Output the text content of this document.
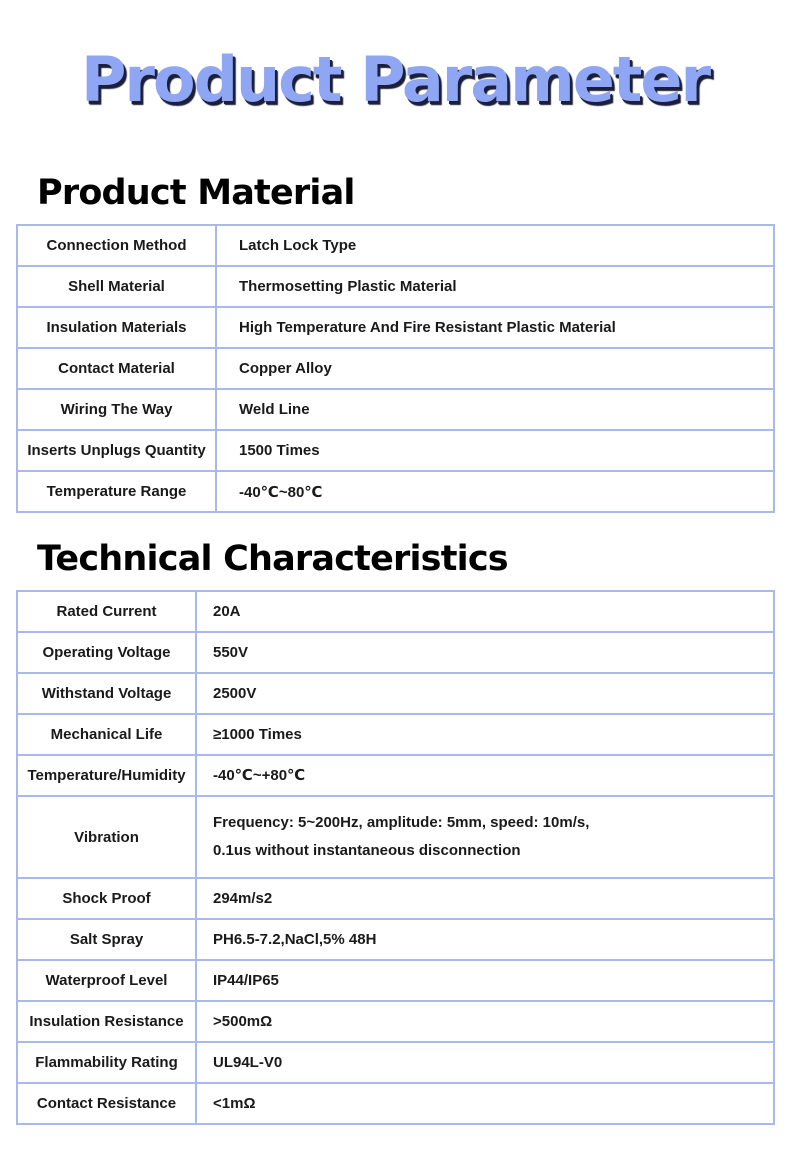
Product Parameter
Product Material
Connection Method	Latch Lock Type
Shell Material	Thermosetting Plastic Material
Insulation Materials	High Temperature And Fire Resistant Plastic Material
Contact Material	Copper Alloy
Wiring The Way	Weld Line
Inserts Unplugs Quantity	1500 Times
Temperature Range	-40℃~80℃
Technical Characteristics
Rated Current	20A
Operating Voltage	550V
Withstand Voltage	2500V
Mechanical Life	≥1000 Times
Temperature/Humidity	-40℃~+80℃
Vibration	Frequency: 5~200Hz, amplitude: 5mm, speed: 10m/s,
0.1us without instantaneous disconnection

Shock Proof	294m/s2
Salt Spray	PH6.5-7.2,NaCl,5% 48H
Waterproof Level	IP44/IP65
Insulation Resistance	>500mΩ
Flammability Rating	UL94L-V0
Contact Resistance	<1mΩ
